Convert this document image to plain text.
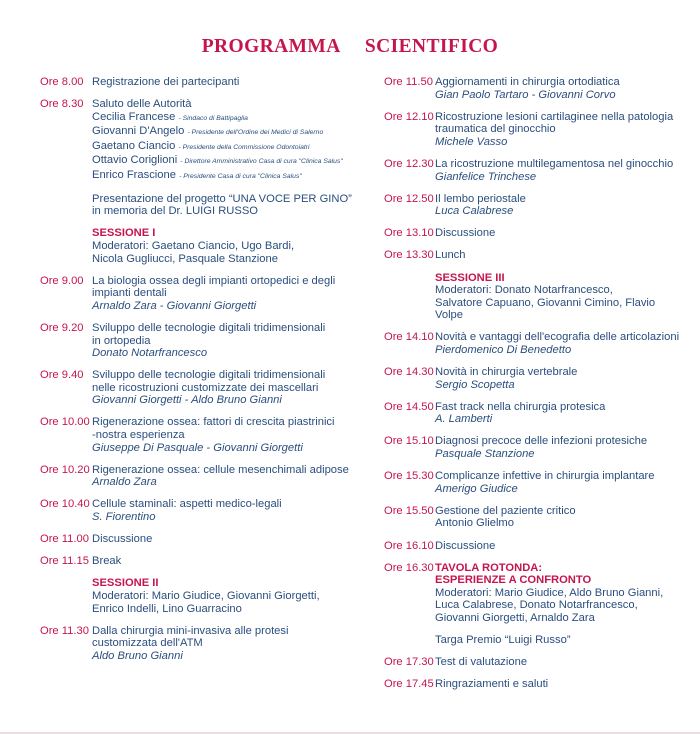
PROGRAMMA SCIENTIFICO
Ore 8.00 Registrazione dei partecipanti
Ore 8.30 Saluto delle Autorità
Cecilia Francese - Sindaco di Battipaglia
Giovanni D'Angelo - Presidente dell'Ordine dei Medici di Salerno
Gaetano Ciancio - Presidente della Commissione Odontoiatri
Ottavio Coriglioni - Direttore Amministrativo Casa di cura "Clinica Salus"
Enrico Frascione - Presidente Casa di cura "Clinica Salus"
Presentazione del progetto “UNA VOCE PER GINO”
in memoria del Dr. LUIGI RUSSO
SESSIONE I
Moderatori: Gaetano Ciancio, Ugo Bardi,
Nicola Gugliucci, Pasquale Stanzione
Ore 9.00 La biologia ossea degli impianti ortopedici e degli
impianti dentali
Arnaldo Zara - Giovanni Giorgetti
Ore 9.20 Sviluppo delle tecnologie digitali tridimensionali
in ortopedia
Donato Notarfrancesco
Ore 9.40 Sviluppo delle tecnologie digitali tridimensionali
nelle ricostruzioni customizzate dei mascellari
Giovanni Giorgetti - Aldo Bruno Gianni
Ore 10.00 Rigenerazione ossea: fattori di crescita piastrinici
-nostra esperienza
Giuseppe Di Pasquale - Giovanni Giorgetti
Ore 10.20 Rigenerazione ossea: cellule mesenchimali adipose
Arnaldo Zara
Ore 10.40 Cellule staminali: aspetti medico-legali
S. Fiorentino
Ore 11.00 Discussione
Ore 11.15 Break
SESSIONE II
Moderatori: Mario Giudice, Giovanni Giorgetti,
Enrico Indelli, Lino Guarracino
Ore 11.30 Dalla chirurgia mini-invasiva alle protesi
customizzata dell'ATM
Aldo Bruno Gianni
Ore 11.50 Aggiornamenti in chirurgia ortodiatica
Gian Paolo Tartaro - Giovanni Corvo
Ore 12.10 Ricostruzione lesioni cartilaginee nella patologia
traumatica del ginocchio
Michele Vasso
Ore 12.30 La ricostruzione multilegamentosa nel ginocchio
Gianfelice Trinchese
Ore 12.50 Il lembo periostale
Luca Calabrese
Ore 13.10 Discussione
Ore 13.30 Lunch
SESSIONE III
Moderatori: Donato Notarfrancesco,
Salvatore Capuano, Giovanni Cimino, Flavio Volpe
Ore 14.10 Novità e vantaggi dell'ecografia delle articolazioni
Pierdomenico Di Benedetto
Ore 14.30 Novità in chirurgia vertebrale
Sergio Scopetta
Ore 14.50 Fast track nella chirurgia protesica
A. Lamberti
Ore 15.10 Diagnosi precoce delle infezioni protesiche
Pasquale Stanzione
Ore 15.30 Complicanze infettive in chirurgia implantare
Amerigo Giudice
Ore 15.50 Gestione del paziente critico
Antonio Glielmo
Ore 16.10 Discussione
Ore 16.30 TAVOLA ROTONDA:
ESPERIENZE A CONFRONTO
Moderatori: Mario Giudice, Aldo Bruno Gianni,
Luca Calabrese, Donato Notarfrancesco,
Giovanni Giorgetti, Arnaldo Zara
Targa Premio “Luigi Russo”
Ore 17.30 Test di valutazione
Ore 17.45 Ringraziamenti e saluti
